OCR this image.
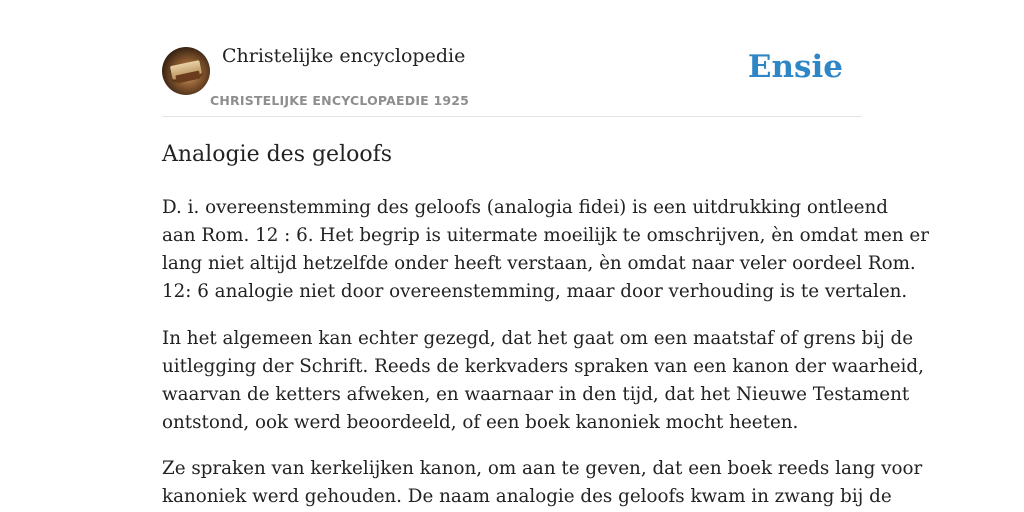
Christelijke encyclopedie
CHRISTELIJKE ENCYCLOPAEDIE 1925
Ensie
Analogie des geloofs

D. i. overeenstemming des geloofs (analogia fidei) is een uitdrukking ontleend
aan Rom. 12 : 6. Het begrip is uitermate moeilijk te omschrijven, èn omdat men er
lang niet altijd hetzelfde onder heeft verstaan, èn omdat naar veler oordeel Rom.
12: 6 analogie niet door overeenstemming, maar door verhouding is te vertalen.

In het algemeen kan echter gezegd, dat het gaat om een maatstaf of grens bij de
uitlegging der Schrift. Reeds de kerkvaders spraken van een kanon der waarheid,
waarvan de ketters afweken, en waarnaar in den tijd, dat het Nieuwe Testament
ontstond, ook werd beoordeeld, of een boek kanoniek mocht heeten.
Ze spraken van kerkelijken kanon, om aan te geven, dat een boek reeds lang voor
kanoniek werd gehouden. De naam analogie des geloofs kwam in zwang bij de
